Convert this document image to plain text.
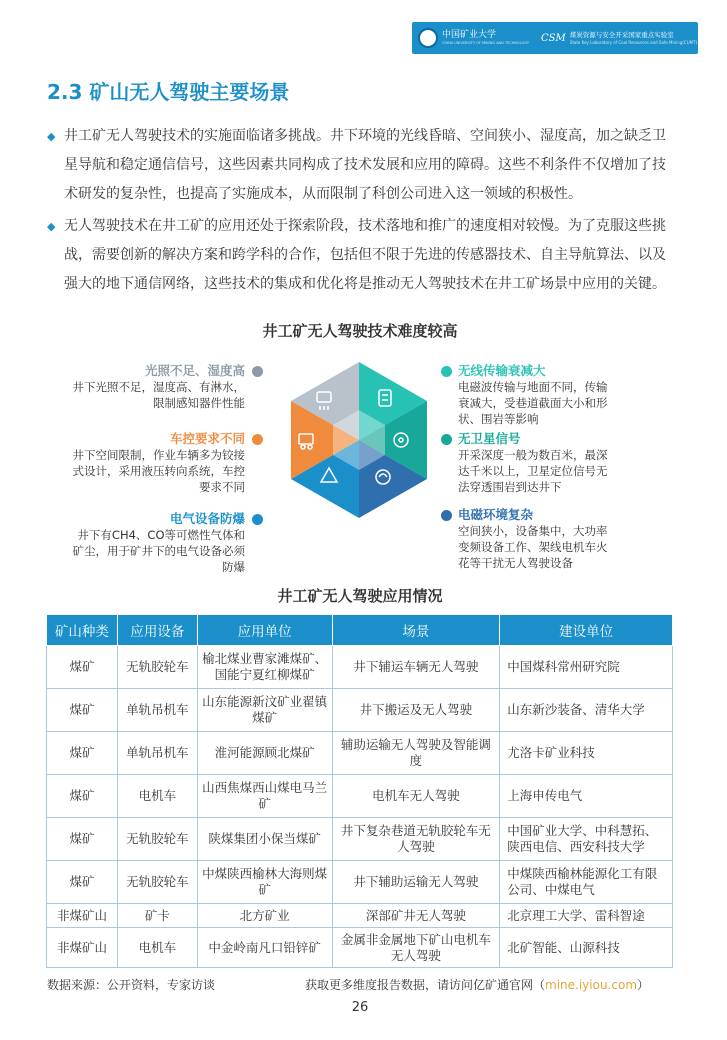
中国矿业大学
CHINA UNIVERSITY OF MINING AND TECHNOLOGY CSM 煤炭资源与安全开采国家重点实验室
State Key Laboratory of Coal Resources and Safe Mining(CUMT) 亿矿通
2.3 矿山无人驾驶主要场景
◆ 井工矿无人驾驶技术的实施面临诸多挑战。井下环境的光线昏暗、空间狭小、湿度高，加之缺乏卫星导航和稳定通信信号，这些因素共同构成了技术发展和应用的障碍。这些不利条件不仅增加了技术研发的复杂性，也提高了实施成本，从而限制了科创公司进入这一领域的积极性。
◆ 无人驾驶技术在井工矿的应用还处于探索阶段，技术落地和推广的速度相对较慢。为了克服这些挑战，需要创新的解决方案和跨学科的合作，包括但不限于先进的传感器技术、自主导航算法、以及强大的地下通信网络，这些技术的集成和优化将是推动无人驾驶技术在井工矿场景中应用的关键。
井工矿无人驾驶技术难度较高
光照不足、湿度高
井下光照不足，湿度高、有淋水，限制感知器件性能
车控要求不同
井下空间限制，作业车辆多为铰接式设计，采用液压转向系统，车控要求不同
电气设备防爆
井下有CH4、CO等可燃性气体和矿尘，用于矿井下的电气设备必须防爆
无线传输衰减大
电磁波传输与地面不同，传输衰减大，受巷道截面大小和形状、围岩等影响
无卫星信号
开采深度一般为数百米，最深达千米以上，卫星定位信号无法穿透围岩到达井下
电磁环境复杂
空间狭小，设备集中，大功率变频设备工作、架线电机车火花等干扰无人驾驶设备
井工矿无人驾驶应用情况
矿山种类	应用设备	应用单位	场景	建设单位
煤矿	无轨胶轮车	榆北煤业曹家滩煤矿、国能宁夏红柳煤矿	井下辅运车辆无人驾驶	中国煤科常州研究院
煤矿	单轨吊机车	山东能源新汶矿业翟镇煤矿	井下搬运及无人驾驶	山东新沙装备、清华大学
煤矿	单轨吊机车	淮河能源顾北煤矿	辅助运输无人驾驶及智能调度	尤洛卡矿业科技
煤矿	电机车	山西焦煤西山煤电马兰矿	电机车无人驾驶	上海申传电气
煤矿	无轨胶轮车	陕煤集团小保当煤矿	井下复杂巷道无轨胶轮车无人驾驶	中国矿业大学、中科慧拓、陕西电信、西安科技大学
煤矿	无轨胶轮车	中煤陕西榆林大海则煤矿	井下辅助运输无人驾驶	中煤陕西榆林能源化工有限公司、中煤电气
非煤矿山	矿卡	北方矿业	深部矿井无人驾驶	北京理工大学、雷科智途
非煤矿山	电机车	中金岭南凡口铅锌矿	金属非金属地下矿山电机车无人驾驶	北矿智能、山源科技
数据来源：公开资料，专家访谈	获取更多维度报告数据，请访问亿矿通官网（mine.iyiou.com）
26
